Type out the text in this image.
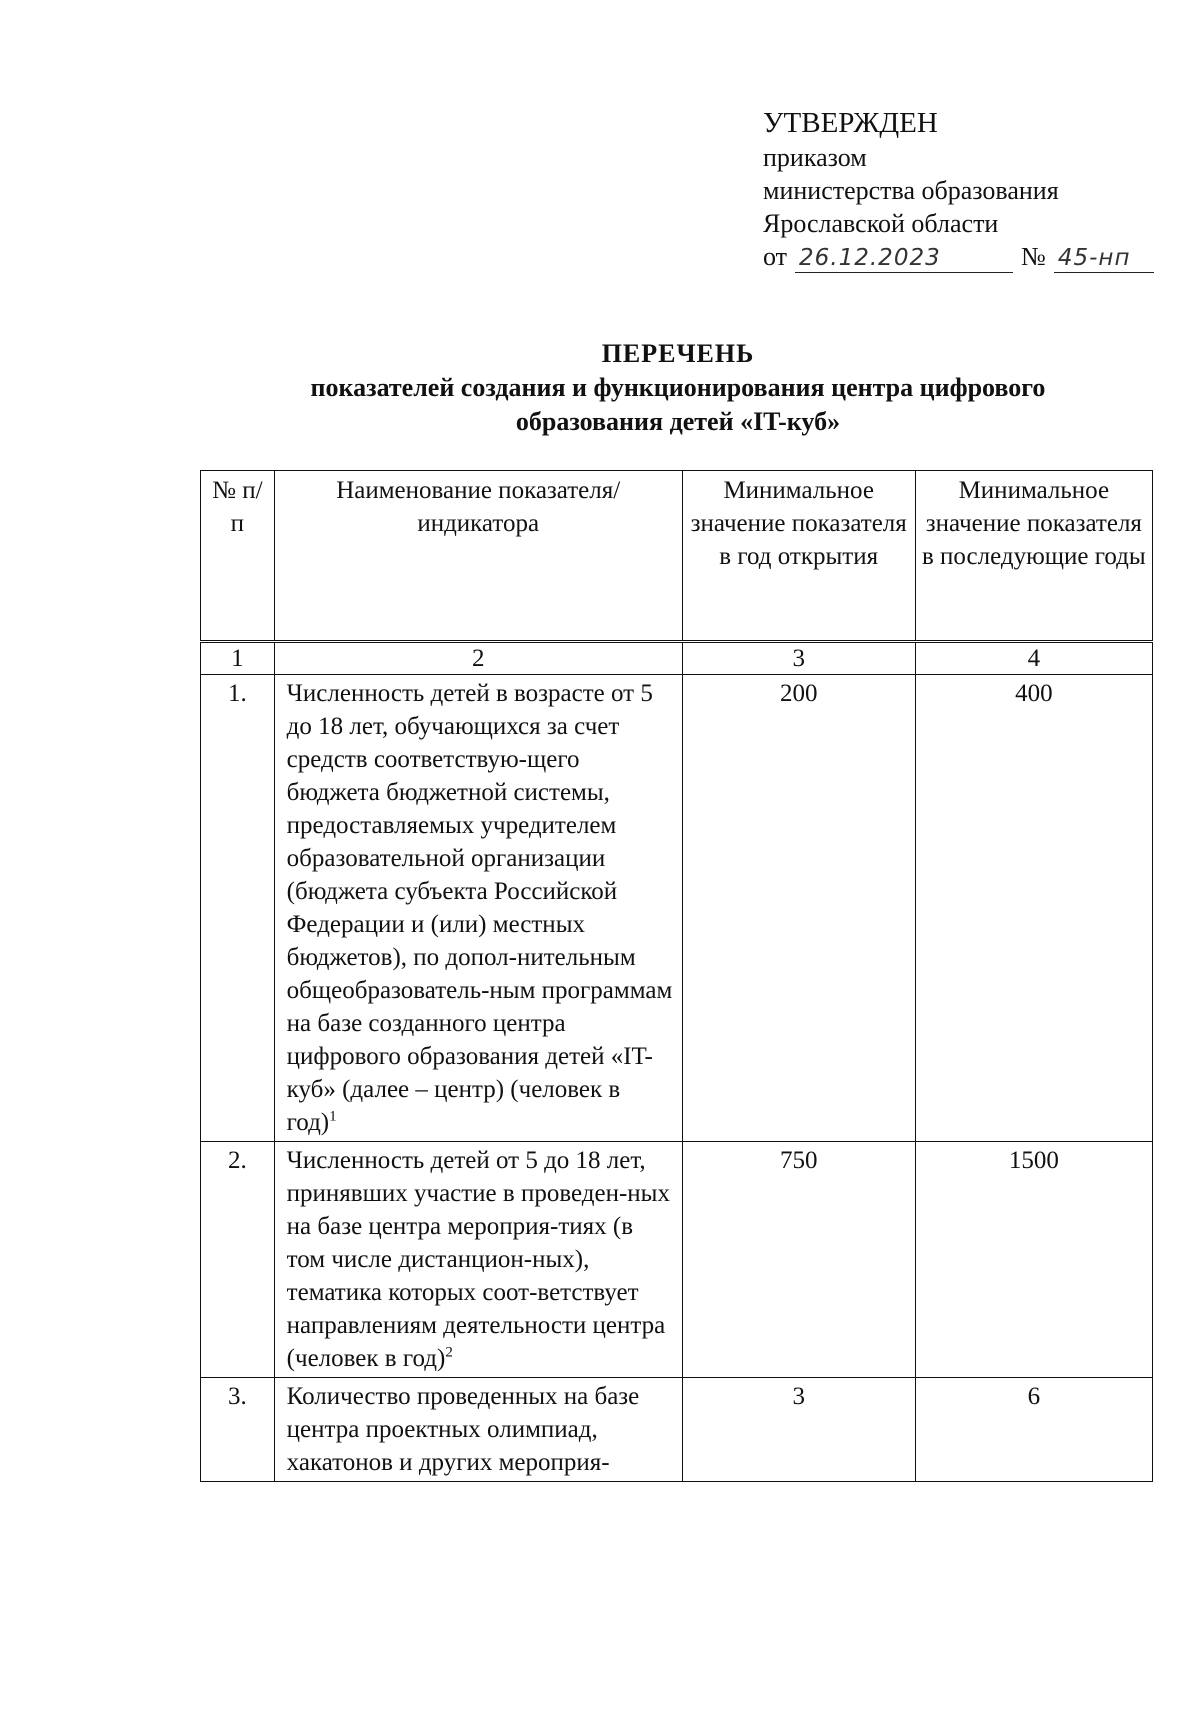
УТВЕРЖДЕН
приказом
министерства образования
Ярославской области
от 26.12.2023	№ 45-нп
ПЕРЕЧЕНЬ
показателей создания и функционирования центра цифрового
образования детей «IT-куб»
№ п/п	Наименование показателя/индикатора	Минимальное значение показателя в год открытия	Минимальное значение показателя в последующие годы
1	2	3	4
1.	Численность детей в возрасте от 5 до 18 лет, обучающихся за счет средств соответствую-щего бюджета бюджетной системы, предоставляемых учредителем образовательной организации (бюджета субъекта Российской Федерации и (или) местных бюджетов), по допол-нительным общеобразователь-ным программам на базе созданного центра цифрового образования детей «IT-куб» (далее – центр) (человек в год)$^1$	200	400
2.	Численность детей от 5 до 18 лет, принявших участие в проведен-ных на базе центра мероприя-тиях (в том числе дистанцион-ных), тематика которых соот-ветствует направлениям деятельности центра (человек в год)$^2$	750	1500
3.	Количество проведенных на базе центра проектных олимпиад, хакатонов и других мероприя-	3	6
